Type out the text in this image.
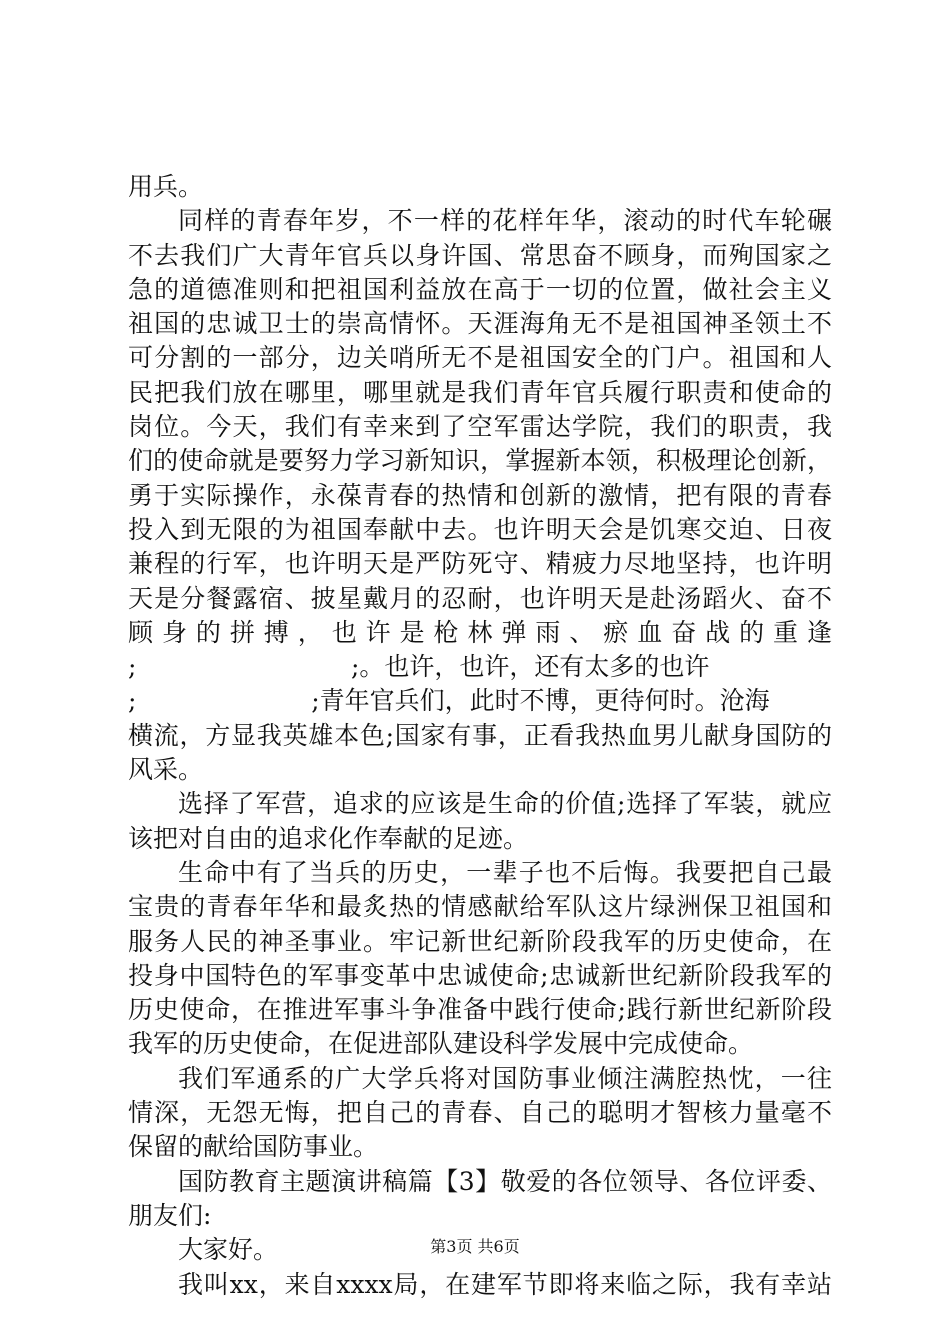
用兵。
同样的青春年岁，不一样的花样年华，滚动的时代车轮碾
不去我们广大青年官兵以身许国、常思奋不顾身，而殉国家之
急的道德准则和把祖国利益放在高于一切的位置，做社会主义
祖国的忠诚卫士的崇高情怀。天涯海角无不是祖国神圣领土不
可分割的一部分，边关哨所无不是祖国安全的门户。祖国和人
民把我们放在哪里，哪里就是我们青年官兵履行职责和使命的
岗位。今天，我们有幸来到了空军雷达学院，我们的职责，我
们的使命就是要努力学习新知识，掌握新本领，积极理论创新，
勇于实际操作，永葆青春的热情和创新的激情，把有限的青春
投入到无限的为祖国奉献中去。也许明天会是饥寒交迫、日夜
兼程的行军，也许明天是严防死守、精疲力尽地坚持，也许明
天是分餐露宿、披星戴月的忍耐，也许明天是赴汤蹈火、奋不
顾身的拼搏，也许是枪林弹雨、瘀血奋战的重逢
;                           ;。也许，也许，还有太多的也许
;                      ;青年官兵们，此时不博，更待何时。沧海
横流，方显我英雄本色;国家有事，正看我热血男儿献身国防的
风采。
选择了军营，追求的应该是生命的价值;选择了军装，就应
该把对自由的追求化作奉献的足迹。
生命中有了当兵的历史，一辈子也不后悔。我要把自己最
宝贵的青春年华和最炙热的情感献给军队这片绿洲保卫祖国和
服务人民的神圣事业。牢记新世纪新阶段我军的历史使命，在
投身中国特色的军事变革中忠诚使命;忠诚新世纪新阶段我军的
历史使命，在推进军事斗争准备中践行使命;践行新世纪新阶段
我军的历史使命，在促进部队建设科学发展中完成使命。
我们军通系的广大学兵将对国防事业倾注满腔热忱，一往
情深，无怨无悔，把自己的青春、自己的聪明才智核力量毫不
保留的献给国防事业。
国防教育主题演讲稿篇【3】敬爱的各位领导、各位评委、
朋友们:
大家好。
我叫xx，来自xxxx局，在建军节即将来临之际，我有幸站
第3页 共6页
